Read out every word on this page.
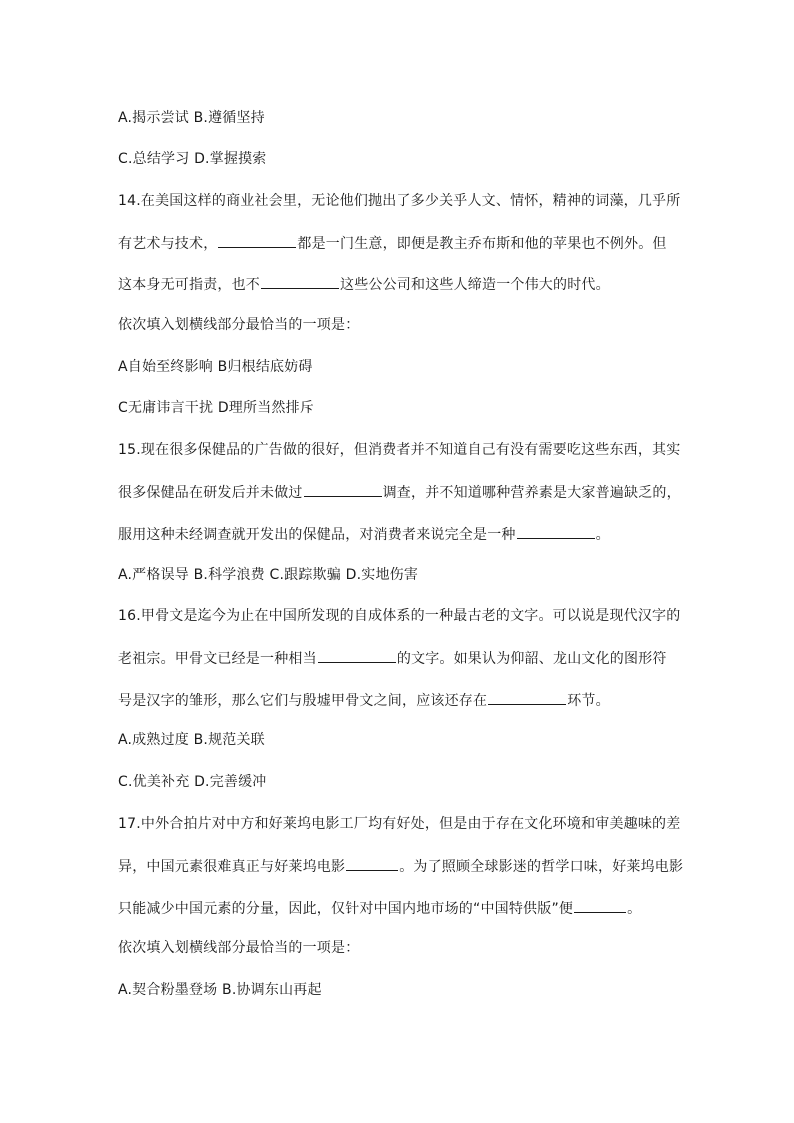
A.揭示尝试 B.遵循坚持
C.总结学习 D.掌握摸索
14.在美国这样的商业社会里，无论他们抛出了多少关乎人文、情怀，精神的词藻，几乎所
有艺术与技术，	都是一门生意，即便是教主乔布斯和他的苹果也不例外。但
这本身无可指责，也不	这些公公司和这些人缔造一个伟大的时代。
依次填入划横线部分最恰当的一项是：
A自始至终影响 B归根结底妨碍
C无庸讳言干扰 D理所当然排斥
15.现在很多保健品的广告做的很好，但消费者并不知道自己有没有需要吃这些东西，其实
很多保健品在研发后并未做过	调查，并不知道哪种营养素是大家普遍缺乏的，
服用这种未经调查就开发出的保健品，对消费者来说完全是一种	。
A.严格误导 B.科学浪费 C.跟踪欺骗 D.实地伤害
16.甲骨文是迄今为止在中国所发现的自成体系的一种最古老的文字。可以说是现代汉字的
老祖宗。甲骨文已经是一种相当	的文字。如果认为仰韶、龙山文化的图形符
号是汉字的雏形，那么它们与殷墟甲骨文之间，应该还存在	环节。
A.成熟过度 B.规范关联
C.优美补充 D.完善缓冲
17.中外合拍片对中方和好莱坞电影工厂均有好处，但是由于存在文化环境和审美趣味的差
异，中国元素很难真正与好莱坞电影	。为了照顾全球影迷的哲学口味，好莱坞电影
只能减少中国元素的分量，因此，仅针对中国内地市场的“中国特供版”便	。
依次填入划横线部分最恰当的一项是：
A.契合粉墨登场 B.协调东山再起
